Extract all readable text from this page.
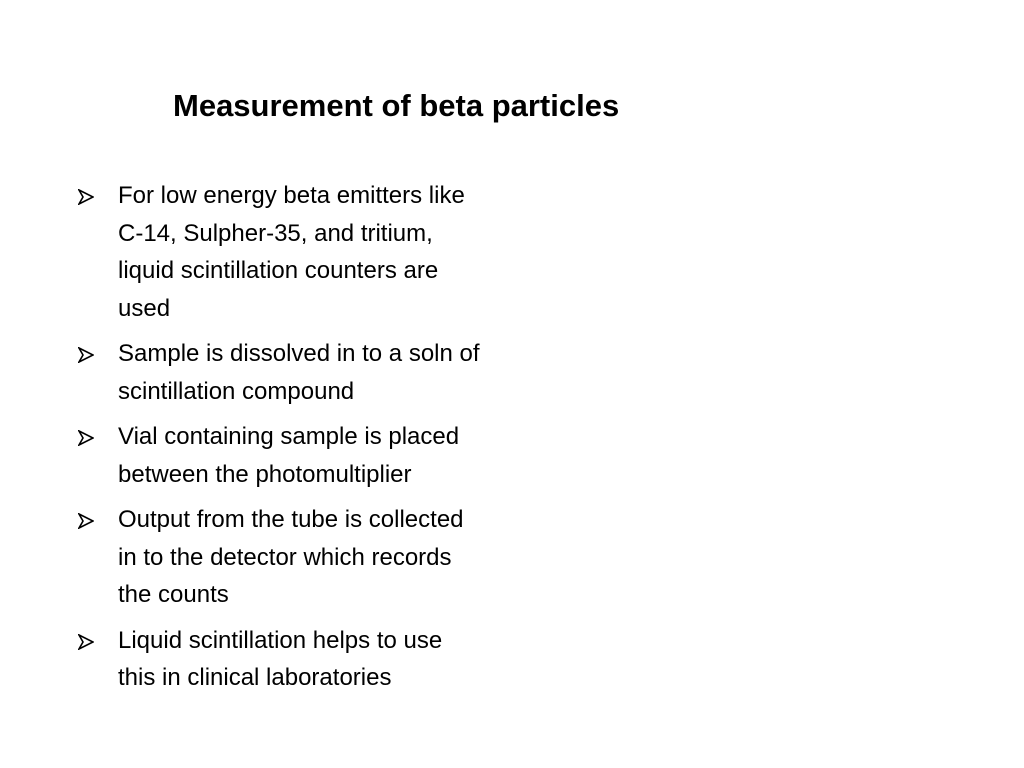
Measurement of beta particles
For low energy beta emitters like
C-14, Sulpher-35, and tritium,
liquid scintillation counters are
used
Sample is dissolved in to a soln of
scintillation compound
Vial containing sample is placed
between the photomultiplier
Output from the tube is collected
in to the detector which records
the counts
Liquid scintillation helps to use
this in clinical laboratories
